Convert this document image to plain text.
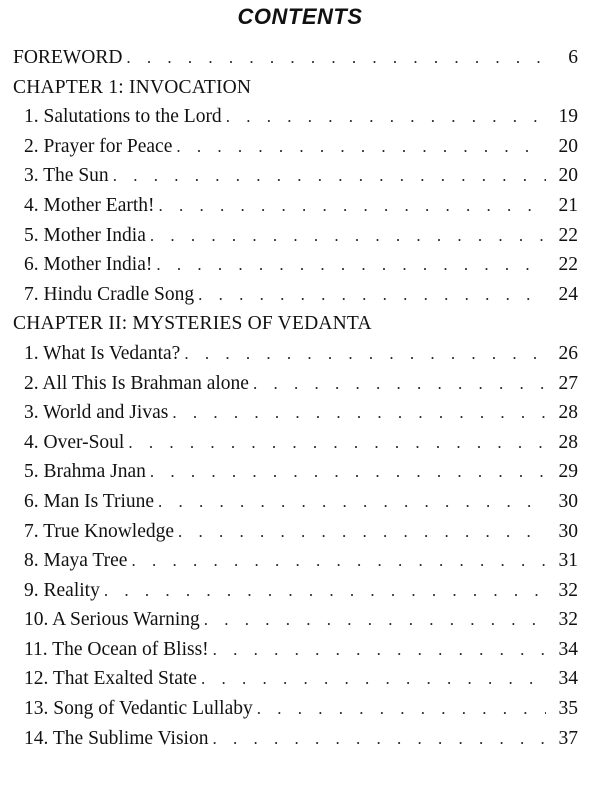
CONTENTS
FOREWORD . . .	6
CHAPTER 1: INVOCATION
1. Salutations to the Lord . . .	19
2. Prayer for Peace . . .	20
3. The Sun . . .	20
4. Mother Earth! . . .	21
5. Mother India . . .	22
6. Mother India! . . .	22
7. Hindu Cradle Song . . .	24
CHAPTER II: MYSTERIES OF VEDANTA
1. What Is Vedanta? . . .	26
2. All This Is Brahman alone . . .	27
3. World and Jivas . . .	28
4. Over-Soul . . .	28
5. Brahma Jnan . . .	29
6. Man Is Triune . . .	30
7. True Knowledge . . .	30
8. Maya Tree . . .	31
9. Reality . . .	32
10. A Serious Warning . . .	32
11. The Ocean of Bliss! . . .	34
12. That Exalted State . . .	34
13. Song of Vedantic Lullaby . . .	35
14. The Sublime Vision . . .	37
